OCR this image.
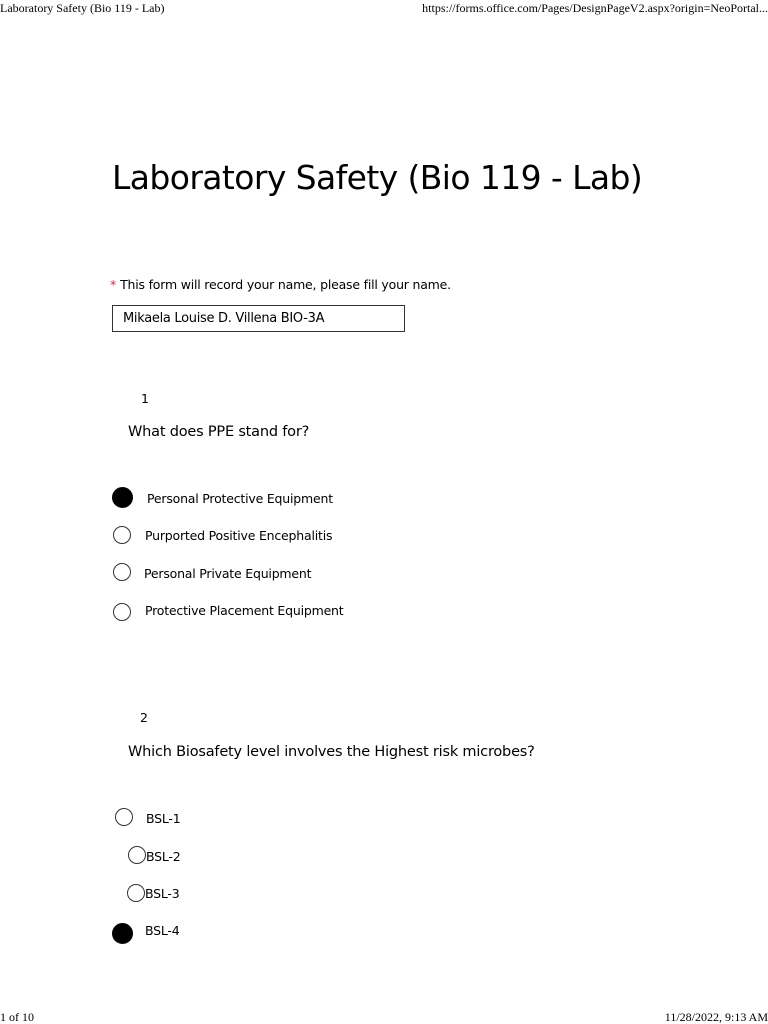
Laboratory Safety (Bio 119 - Lab)	https://forms.office.com/Pages/DesignPageV2.aspx?origin=NeoPortal...
Laboratory Safety (Bio 119 - Lab)
* This form will record your name, please fill your name.
Mikaela Louise D. Villena BIO-3A
1
What does PPE stand for?
Personal Protective Equipment
Purported Positive Encephalitis
Personal Private Equipment
Protective Placement Equipment
2
Which Biosafety level involves the Highest risk microbes?
BSL-1
BSL-2
BSL-3
BSL-4
1 of 10	11/28/2022, 9:13 AM
